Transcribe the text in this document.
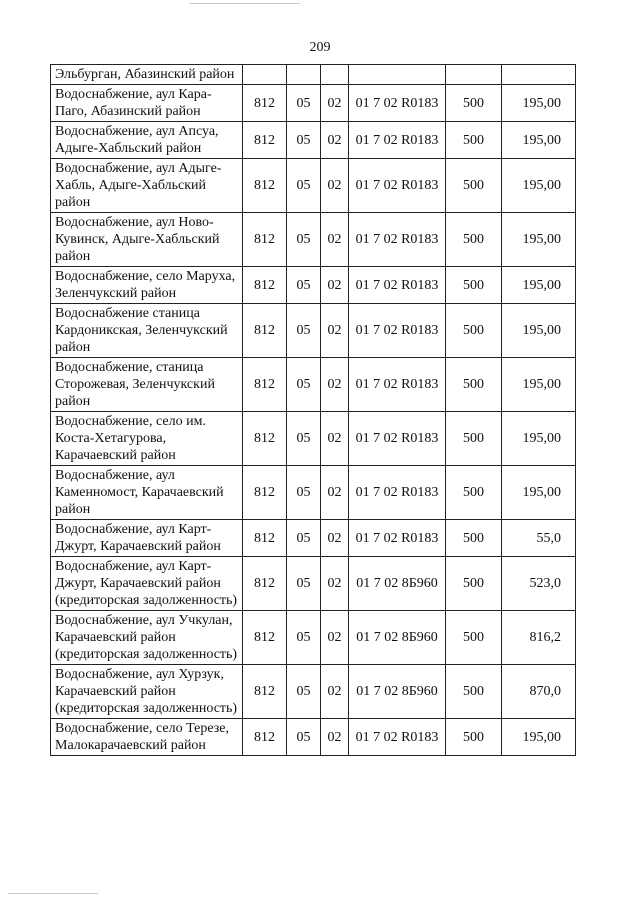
209
Эльбурган, Абазинский район						
Водоснабжение, аул Кара-Паго, Абазинский район	812	05	02	01 7 02 R0183	500	195,00
Водоснабжение, аул Апсуа, Адыге-Хабльский район	812	05	02	01 7 02 R0183	500	195,00
Водоснабжение, аул Адыге-Хабль, Адыге-Хабльский район	812	05	02	01 7 02 R0183	500	195,00
Водоснабжение, аул Ново-Кувинск, Адыге-Хабльский район	812	05	02	01 7 02 R0183	500	195,00
Водоснабжение, село Маруха, Зеленчукский район	812	05	02	01 7 02 R0183	500	195,00
Водоснабжение станица Кардоникская, Зеленчукский район	812	05	02	01 7 02 R0183	500	195,00
Водоснабжение, станица Сторожевая, Зеленчукский район	812	05	02	01 7 02 R0183	500	195,00
Водоснабжение, село им. Коста-Хетагурова, Карачаевский район	812	05	02	01 7 02 R0183	500	195,00
Водоснабжение, аул Каменномост, Карачаевский район	812	05	02	01 7 02 R0183	500	195,00
Водоснабжение, аул Карт-Джурт, Карачаевский район	812	05	02	01 7 02 R0183	500	55,0
Водоснабжение, аул Карт-Джурт, Карачаевский район (кредиторская задолженность)	812	05	02	01 7 02 8Б960	500	523,0
Водоснабжение, аул Учкулан, Карачаевский район (кредиторская задолженность)	812	05	02	01 7 02 8Б960	500	816,2
Водоснабжение, аул Хурзук, Карачаевский район (кредиторская задолженность)	812	05	02	01 7 02 8Б960	500	870,0
Водоснабжение, село Терезе, Малокарачаевский район	812	05	02	01 7 02 R0183	500	195,00
